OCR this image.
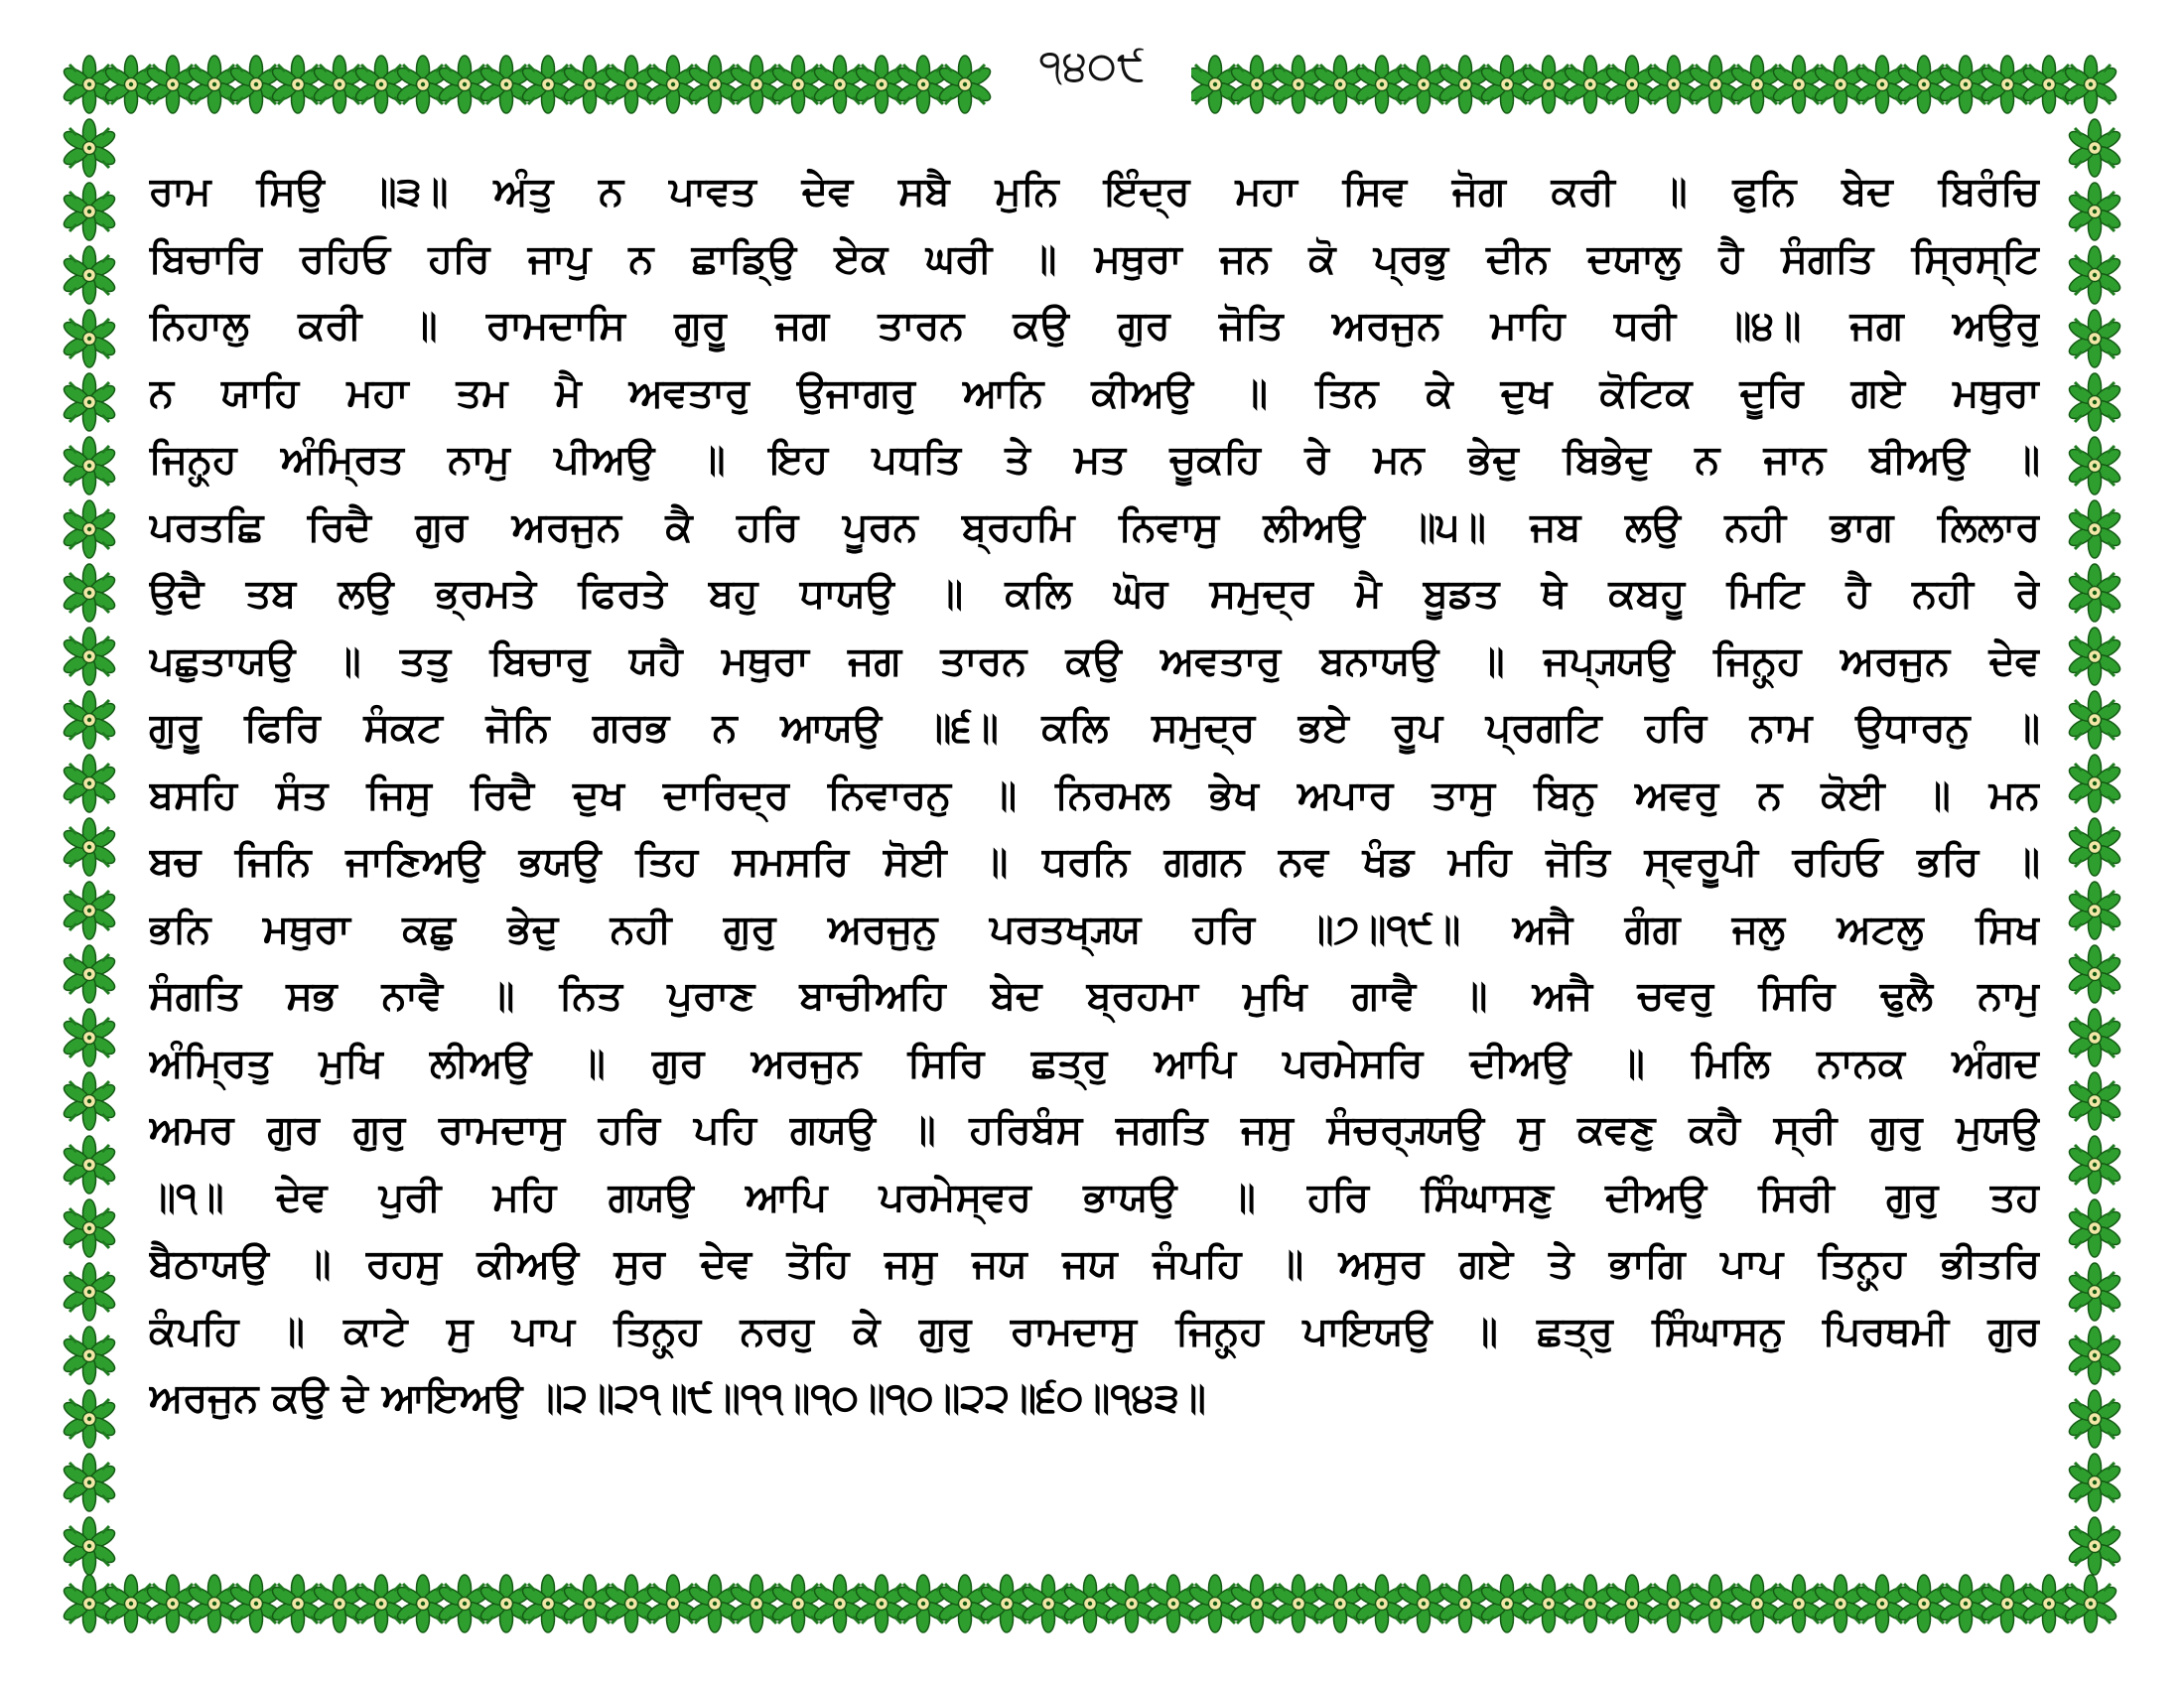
੧੪੦੯
ਰਾਮ ਸਿਉ ॥੩॥ ਅੰਤੁ ਨ ਪਾਵਤ ਦੇਵ ਸਬੈ ਮੁਨਿ ਇੰਦ੍ਰ ਮਹਾ ਸਿਵ ਜੋਗ ਕਰੀ ॥ ਫੁਨਿ ਬੇਦ ਬਿਰੰਚਿ
ਬਿਚਾਰਿ ਰਹਿਓ ਹਰਿ ਜਾਪੁ ਨ ਛਾਡਿ੍ਉ ਏਕ ਘਰੀ ॥ ਮਥੁਰਾ ਜਨ ਕੋ ਪ੍ਰਭੁ ਦੀਨ ਦਯਾਲੁ ਹੈ ਸੰਗਤਿ ਸ੍ਰਿਸ੍ਟਿ
ਨਿਹਾਲੁ ਕਰੀ ॥ ਰਾਮਦਾਸਿ ਗੁਰੂ ਜਗ ਤਾਰਨ ਕਉ ਗੁਰ ਜੋਤਿ ਅਰਜੁਨ ਮਾਹਿ ਧਰੀ ॥੪॥ ਜਗ ਅਉਰੁ
ਨ ਯਾਹਿ ਮਹਾ ਤਮ ਮੈ ਅਵਤਾਰੁ ਉਜਾਗਰੁ ਆਨਿ ਕੀਅਉ ॥ ਤਿਨ ਕੇ ਦੁਖ ਕੋਟਿਕ ਦੂਰਿ ਗਏ ਮਥੁਰਾ
ਜਿਨ੍ਹ੍ਹ ਅੰਮ੍ਰਿਤ ਨਾਮੁ ਪੀਅਉ ॥ ਇਹ ਪਧਤਿ ਤੇ ਮਤ ਚੂਕਹਿ ਰੇ ਮਨ ਭੇਦੁ ਬਿਭੇਦੁ ਨ ਜਾਨ ਬੀਅਉ ॥
ਪਰਤਛਿ ਰਿਦੈ ਗੁਰ ਅਰਜੁਨ ਕੈ ਹਰਿ ਪੂਰਨ ਬ੍ਰਹਮਿ ਨਿਵਾਸੁ ਲੀਅਉ ॥੫॥ ਜਬ ਲਉ ਨਹੀ ਭਾਗ ਲਿਲਾਰ
ਉਦੈ ਤਬ ਲਉ ਭ੍ਰਮਤੇ ਫਿਰਤੇ ਬਹੁ ਧਾਯਉ ॥ ਕਲਿ ਘੋਰ ਸਮੁਦ੍ਰ ਮੈ ਬੂਡਤ ਥੇ ਕਬਹੂ ਮਿਟਿ ਹੈ ਨਹੀ ਰੇ
ਪਛੁਤਾਯਉ ॥ ਤਤੁ ਬਿਚਾਰੁ ਯਹੈ ਮਥੁਰਾ ਜਗ ਤਾਰਨ ਕਉ ਅਵਤਾਰੁ ਬਨਾਯਉ ॥ ਜਪ੍ਯ੍ਯਉ ਜਿਨ੍ਹ੍ਹ ਅਰਜੁਨ ਦੇਵ
ਗੁਰੂ ਫਿਰਿ ਸੰਕਟ ਜੋਨਿ ਗਰਭ ਨ ਆਯਉ ॥੬॥ ਕਲਿ ਸਮੁਦ੍ਰ ਭਏ ਰੂਪ ਪ੍ਰਗਟਿ ਹਰਿ ਨਾਮ ਉਧਾਰਨੁ ॥
ਬਸਹਿ ਸੰਤ ਜਿਸੁ ਰਿਦੈ ਦੁਖ ਦਾਰਿਦ੍ਰ ਨਿਵਾਰਨੁ ॥ ਨਿਰਮਲ ਭੇਖ ਅਪਾਰ ਤਾਸੁ ਬਿਨੁ ਅਵਰੁ ਨ ਕੋਈ ॥ ਮਨ
ਬਚ ਜਿਨਿ ਜਾਣਿਅਉ ਭਯਉ ਤਿਹ ਸਮਸਰਿ ਸੋਈ ॥ ਧਰਨਿ ਗਗਨ ਨਵ ਖੰਡ ਮਹਿ ਜੋਤਿ ਸ੍ਵਰੂਪੀ ਰਹਿਓ ਭਰਿ ॥
ਭਨਿ ਮਥੁਰਾ ਕਛੁ ਭੇਦੁ ਨਹੀ ਗੁਰੁ ਅਰਜੁਨੁ ਪਰਤਖ੍ਯ੍ਯ ਹਰਿ ॥੭॥੧੯॥ ਅਜੈ ਗੰਗ ਜਲੁ ਅਟਲੁ ਸਿਖ
ਸੰਗਤਿ ਸਭ ਨਾਵੈ ॥ ਨਿਤ ਪੁਰਾਣ ਬਾਚੀਅਹਿ ਬੇਦ ਬ੍ਰਹਮਾ ਮੁਖਿ ਗਾਵੈ ॥ ਅਜੈ ਚਵਰੁ ਸਿਰਿ ਢੁਲੈ ਨਾਮੁ
ਅੰਮ੍ਰਿਤੁ ਮੁਖਿ ਲੀਅਉ ॥ ਗੁਰ ਅਰਜੁਨ ਸਿਰਿ ਛਤ੍ਰੁ ਆਪਿ ਪਰਮੇਸਰਿ ਦੀਅਉ ॥ ਮਿਲਿ ਨਾਨਕ ਅੰਗਦ
ਅਮਰ ਗੁਰ ਗੁਰੁ ਰਾਮਦਾਸੁ ਹਰਿ ਪਹਿ ਗਯਉ ॥ ਹਰਿਬੰਸ ਜਗਤਿ ਜਸੁ ਸੰਚਰ੍ਯ੍ਯਉ ਸੁ ਕਵਣੁ ਕਹੈ ਸ੍ਰੀ ਗੁਰੁ ਮੁਯਉ
॥੧॥ ਦੇਵ ਪੁਰੀ ਮਹਿ ਗਯਉ ਆਪਿ ਪਰਮੇਸ੍ਵਰ ਭਾਯਉ ॥ ਹਰਿ ਸਿੰਘਾਸਣੁ ਦੀਅਉ ਸਿਰੀ ਗੁਰੁ ਤਹ
ਬੈਠਾਯਉ ॥ ਰਹਸੁ ਕੀਅਉ ਸੁਰ ਦੇਵ ਤੋਹਿ ਜਸੁ ਜਯ ਜਯ ਜੰਪਹਿ ॥ ਅਸੁਰ ਗਏ ਤੇ ਭਾਗਿ ਪਾਪ ਤਿਨ੍ਹ੍ਹ ਭੀਤਰਿ
ਕੰਪਹਿ ॥ ਕਾਟੇ ਸੁ ਪਾਪ ਤਿਨ੍ਹ੍ਹ ਨਰਹੁ ਕੇ ਗੁਰੁ ਰਾਮਦਾਸੁ ਜਿਨ੍ਹ੍ਹ ਪਾਇਯਉ ॥ ਛਤ੍ਰੁ ਸਿੰਘਾਸਨੁ ਪਿਰਥਮੀ ਗੁਰ
ਅਰਜੁਨ ਕਉ ਦੇ ਆਇਅਉ ॥੨॥੨੧॥੯॥੧੧॥੧੦॥੧੦॥੨੨॥੬੦॥੧੪੩॥
